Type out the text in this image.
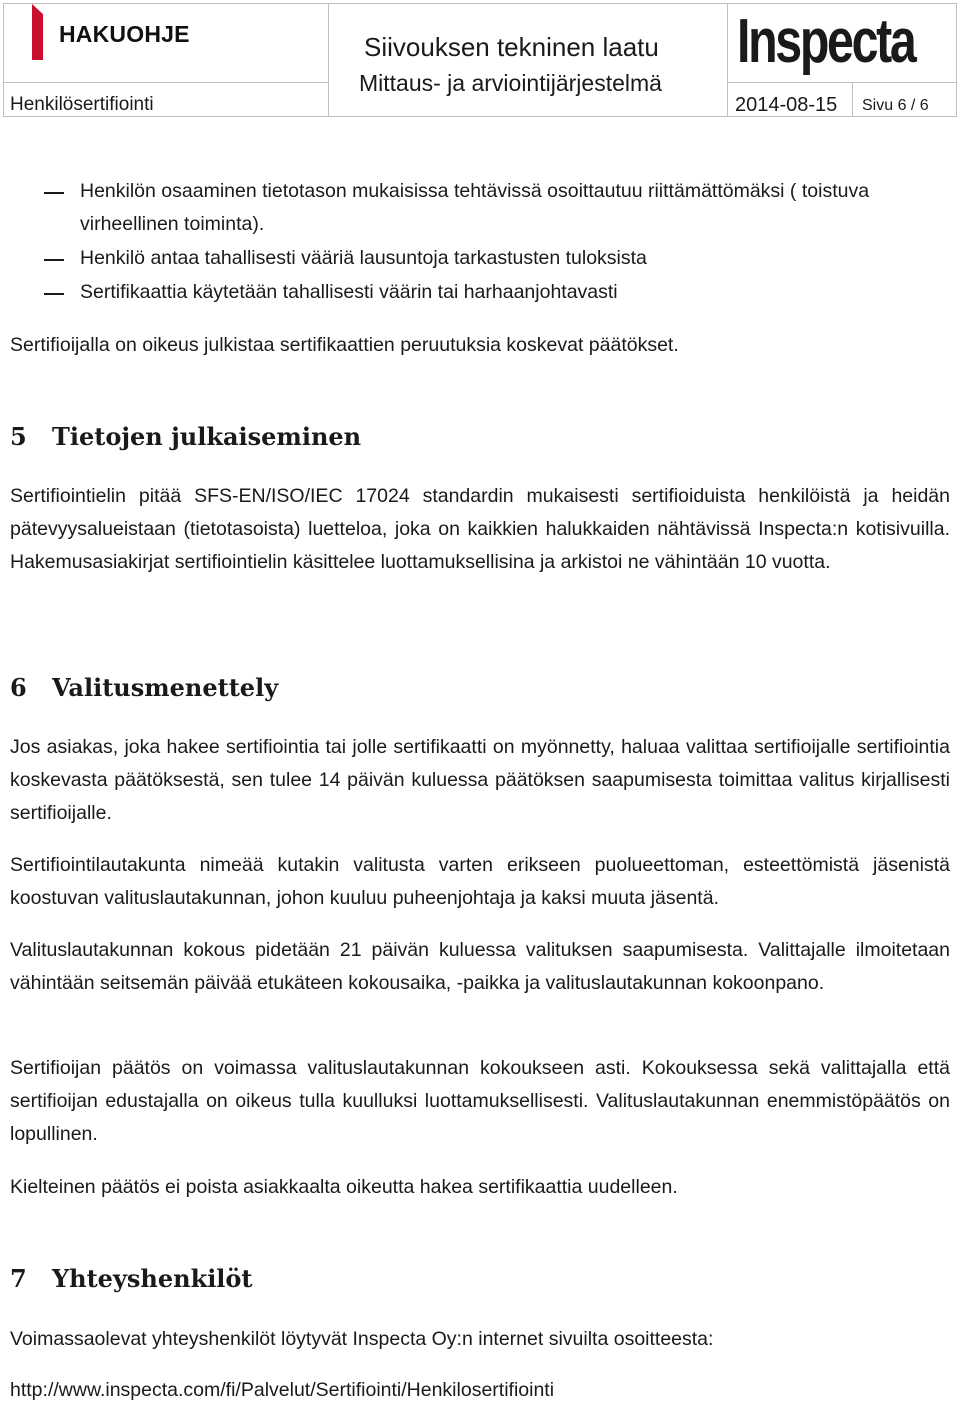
HAKUOHJE
Henkilösertifiointi
Siivouksen tekninen laatu
Mittaus- ja arviointijärjestelmä
Inspecta
2014-08-15 Sivu 6 / 6
Henkilön osaaminen tietotason mukaisissa tehtävissä osoittautuu riittämättömäksi ( toistuva virheellinen toiminta).
Henkilö antaa tahallisesti vääriä lausuntoja tarkastusten tuloksista
Sertifikaattia käytetään tahallisesti väärin tai harhaanjohtavasti

Sertifioijalla on oikeus julkistaa sertifikaattien peruutuksia koskevat päätökset.

5 Tietojen julkaiseminen

Sertifiointielin pitää SFS-EN/ISO/IEC 17024 standardin mukaisesti sertifioiduista henkilöistä ja heidän pätevyysalueistaan (tietotasoista) luetteloa, joka on kaikkien halukkaiden nähtävissä Inspecta:n kotisivuilla. Hakemusasiakirjat sertifiointielin käsittelee luottamuksellisina ja arkistoi ne vähintään 10 vuotta.

6 Valitusmenettely

Jos asiakas, joka hakee sertifiointia tai jolle sertifikaatti on myönnetty, haluaa valittaa sertifioijalle sertifiointia koskevasta päätöksestä, sen tulee 14 päivän kuluessa päätöksen saapumisesta toimittaa valitus kirjallisesti sertifioijalle.

Sertifiointilautakunta nimeää kutakin valitusta varten erikseen puolueettoman, esteettömistä jäsenistä koostuvan valituslautakunnan, johon kuuluu puheenjohtaja ja kaksi muuta jäsentä.

Valituslautakunnan kokous pidetään 21 päivän kuluessa valituksen saapumisesta. Valittajalle ilmoitetaan vähintään seitsemän päivää etukäteen kokousaika, -paikka ja valituslautakunnan kokoonpano.

Sertifioijan päätös on voimassa valituslautakunnan kokoukseen asti. Kokouksessa sekä valittajalla että sertifioijan edustajalla on oikeus tulla kuulluksi luottamuksellisesti. Valituslautakunnan enemmistöpäätös on lopullinen.

Kielteinen päätös ei poista asiakkaalta oikeutta hakea sertifikaattia uudelleen.

7 Yhteyshenkilöt

Voimassaolevat yhteyshenkilöt löytyvät Inspecta Oy:n internet sivuilta osoitteesta:

http://www.inspecta.com/fi/Palvelut/Sertifiointi/Henkilosertifiointi
